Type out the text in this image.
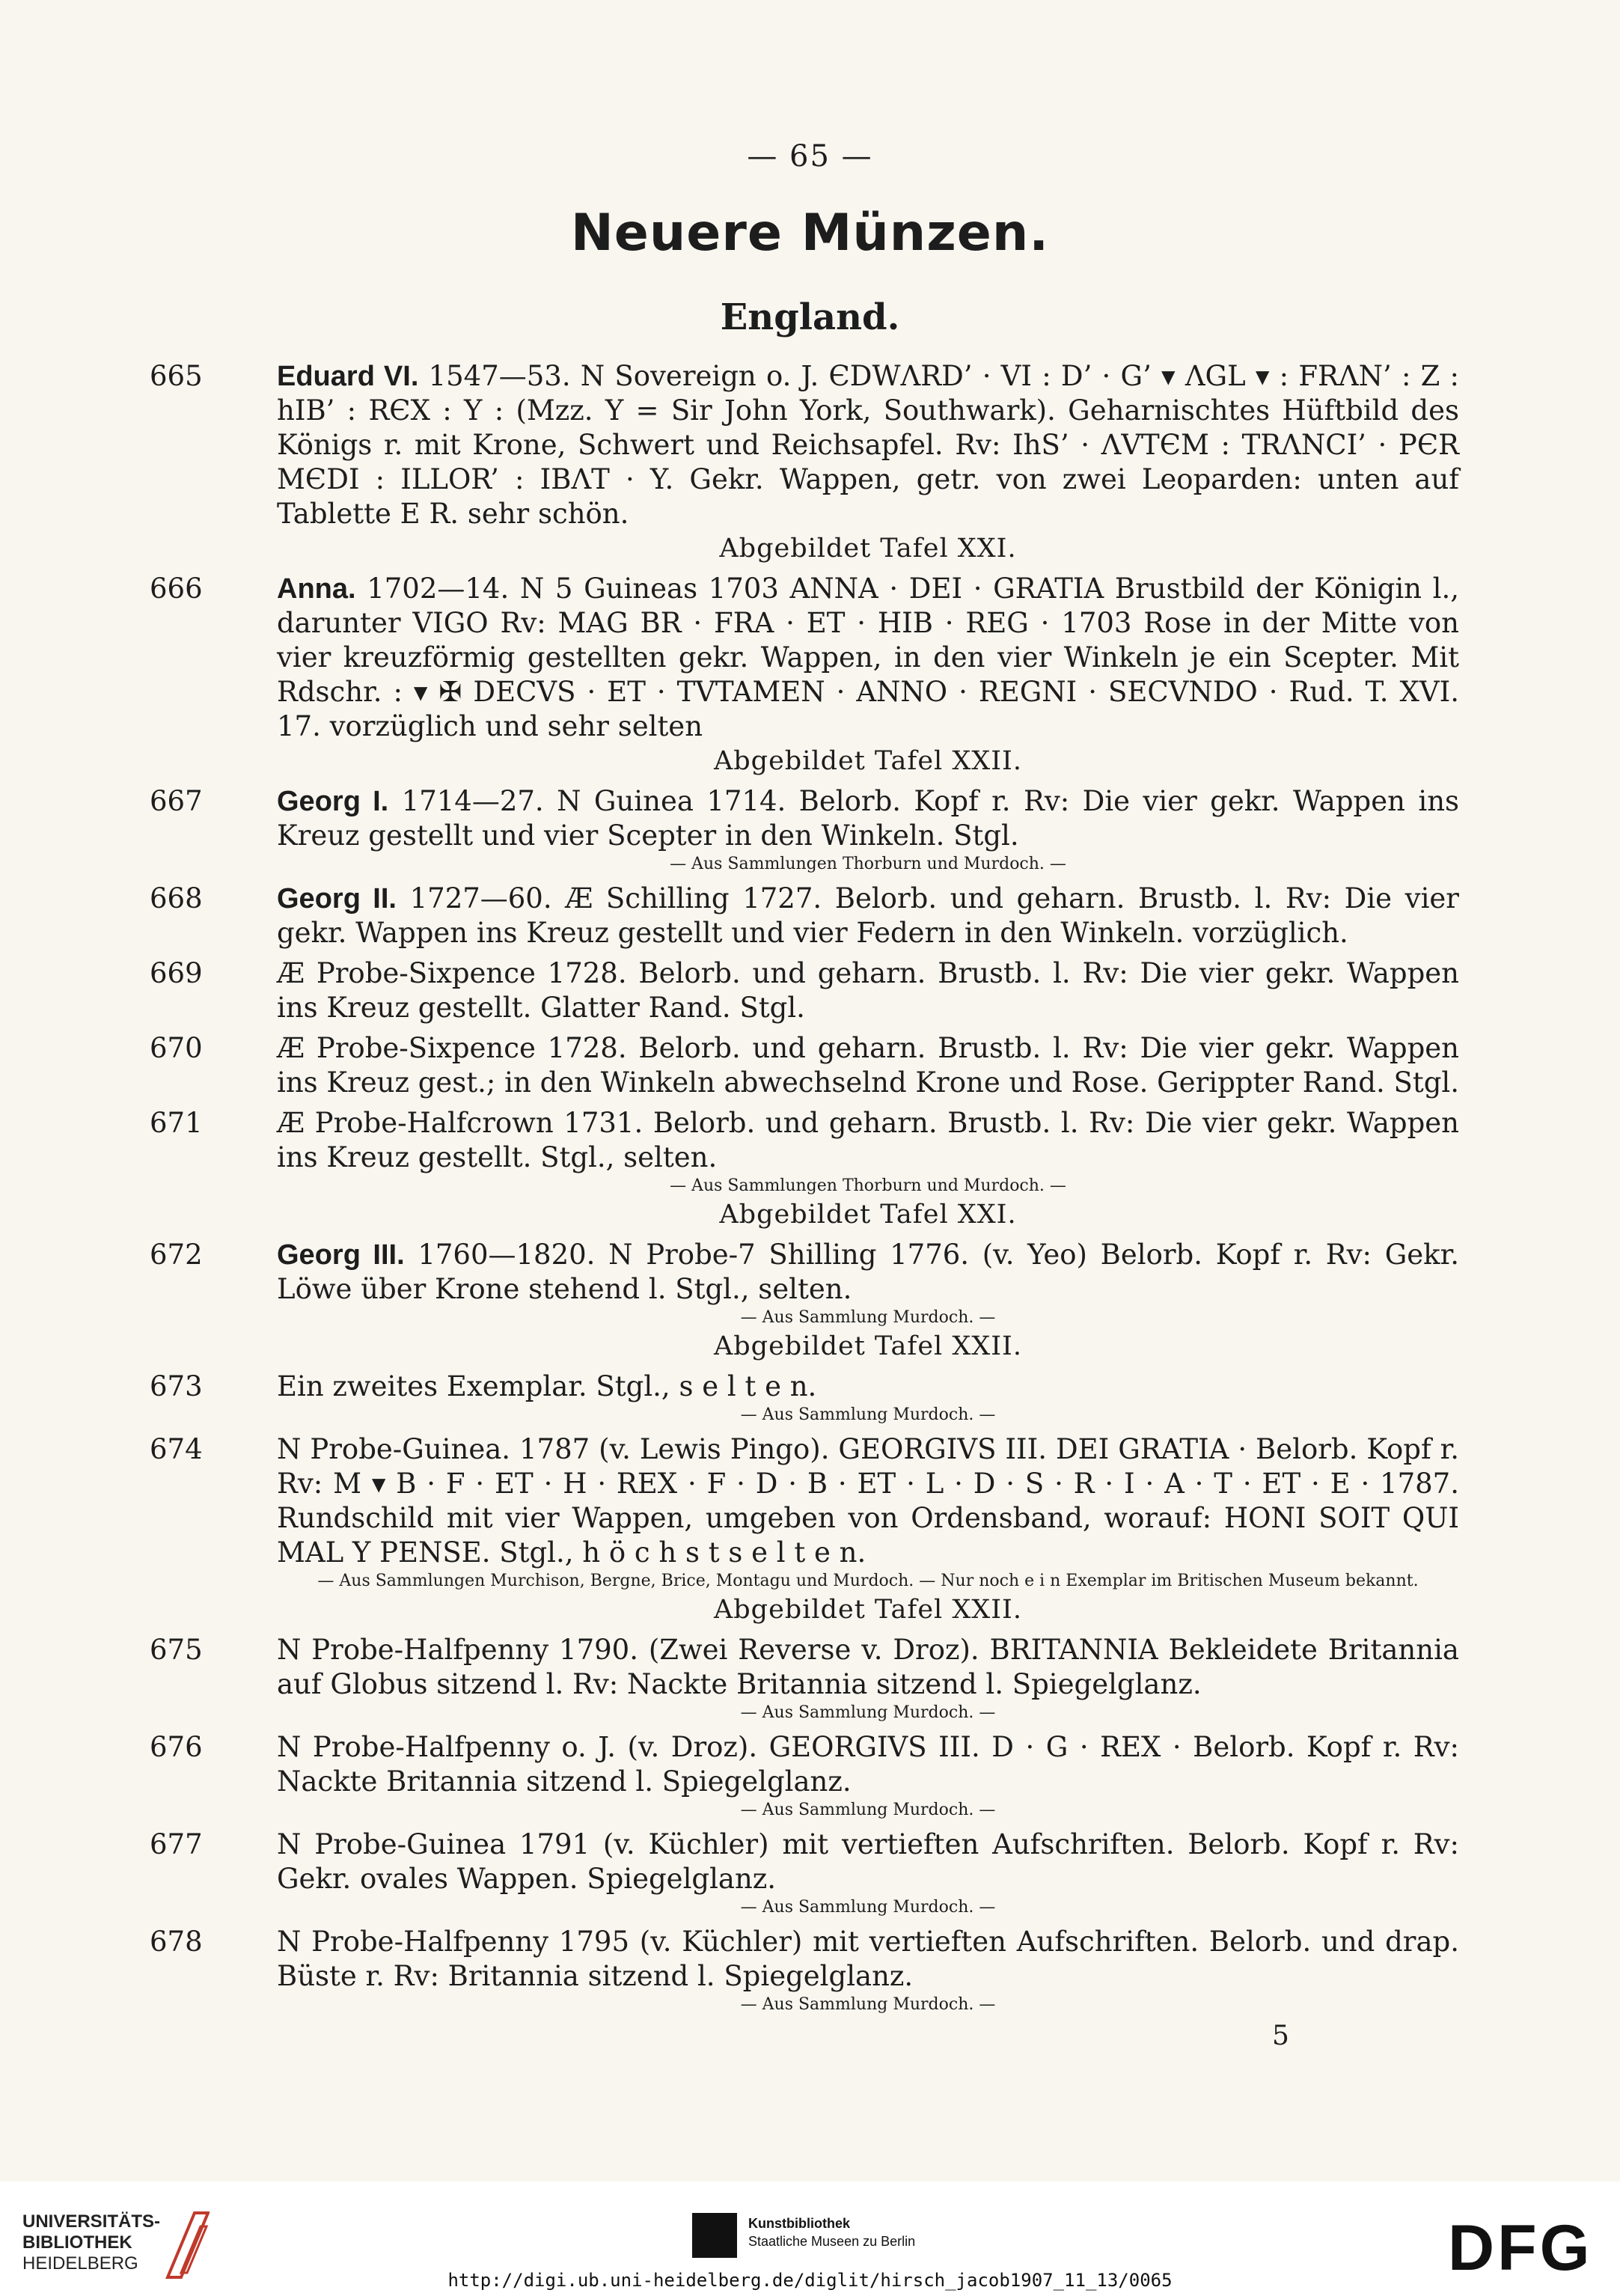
— 65 —
Neuere Münzen.
England.
665	Eduard VI. 1547—53. N Sovereign o. J. ЄDWΛRD’ · VI : D’ · G’ ▾ ΛGL ▾ : FRΛN’ : Z : hIB’ : RЄX : Y : (Mzz. Y = Sir John York, Southwark). Geharnischtes Hüftbild des Königs r. mit Krone, Schwert und Reichsapfel. Rv: IhS’ · ΛVTЄM : TRΛNCI’ · PЄR MЄDI : ILLOR’ : IBΛT · Y. Gekr. Wappen, getr. von zwei Leoparden: unten auf Tablette E R. sehr schön.
Abgebildet Tafel XXI.
666	Anna. 1702—14. N 5 Guineas 1703 ANNA · DEI · GRATIA Brustbild der Königin l., darunter VIGO Rv: MAG BR · FRA · ET · HIB · REG · 1703 Rose in der Mitte von vier kreuzförmig gestellten gekr. Wappen, in den vier Winkeln je ein Scepter. Mit Rdschr. : ▾ ✠ DECVS · ET · TVTAMEN · ANNO · REGNI · SECVNDO · Rud. T. XVI. 17. vorzüglich und sehr selten
Abgebildet Tafel XXII.
667	Georg I. 1714—27. N Guinea 1714. Belorb. Kopf r. Rv: Die vier gekr. Wappen ins Kreuz gestellt und vier Scepter in den Winkeln. Stgl.
— Aus Sammlungen Thorburn und Murdoch. —
668	Georg II. 1727—60. Æ Schilling 1727. Belorb. und geharn. Brustb. l. Rv: Die vier gekr. Wappen ins Kreuz gestellt und vier Federn in den Winkeln. vorzüglich.
669	Æ Probe-Sixpence 1728. Belorb. und geharn. Brustb. l. Rv: Die vier gekr. Wappen ins Kreuz gestellt. Glatter Rand. Stgl.
670	Æ Probe-Sixpence 1728. Belorb. und geharn. Brustb. l. Rv: Die vier gekr. Wappen ins Kreuz gest.; in den Winkeln abwechselnd Krone und Rose. Gerippter Rand. Stgl.
671	Æ Probe-Halfcrown 1731. Belorb. und geharn. Brustb. l. Rv: Die vier gekr. Wappen ins Kreuz gestellt. Stgl., selten.
— Aus Sammlungen Thorburn und Murdoch. —
Abgebildet Tafel XXI.
672	Georg III. 1760—1820. N Probe-7 Shilling 1776. (v. Yeo) Belorb. Kopf r. Rv: Gekr. Löwe über Krone stehend l. Stgl., selten.
— Aus Sammlung Murdoch. —
Abgebildet Tafel XXII.
673	Ein zweites Exemplar. Stgl., s e l t e n.
— Aus Sammlung Murdoch. —
674	N Probe-Guinea. 1787 (v. Lewis Pingo). GEORGIVS III. DEI GRATIA · Belorb. Kopf r. Rv: M ▾ B · F · ET · H · REX · F · D · B · ET · L · D · S · R · I · A · T · ET · E · 1787. Rundschild mit vier Wappen, umgeben von Ordensband, worauf: HONI SOIT QUI MAL Y PENSE. Stgl., h ö c h s t s e l t e n.
— Aus Sammlungen Murchison, Bergne, Brice, Montagu und Murdoch. — Nur noch e i n Exemplar im Britischen Museum bekannt.
Abgebildet Tafel XXII.
675	N Probe-Halfpenny 1790. (Zwei Reverse v. Droz). BRITANNIA Bekleidete Britannia auf Globus sitzend l. Rv: Nackte Britannia sitzend l. Spiegelglanz.
— Aus Sammlung Murdoch. —
676	N Probe-Halfpenny o. J. (v. Droz). GEORGIVS III. D · G · REX · Belorb. Kopf r. Rv: Nackte Britannia sitzend l. Spiegelglanz.
— Aus Sammlung Murdoch. —
677	N Probe-Guinea 1791 (v. Küchler) mit vertieften Aufschriften. Belorb. Kopf r. Rv: Gekr. ovales Wappen. Spiegelglanz.
— Aus Sammlung Murdoch. —
678	N Probe-Halfpenny 1795 (v. Küchler) mit vertieften Aufschriften. Belorb. und drap. Büste r. Rv: Britannia sitzend l. Spiegelglanz.
— Aus Sammlung Murdoch. —
5
UNIVERSITÄTS-
BIBLIOTHEK
HEIDELBERG
Kunstbibliothek
Staatliche Museen zu Berlin	DFG
http://digi.ub.uni-heidelberg.de/diglit/hirsch_jacob1907_11_13/0065
